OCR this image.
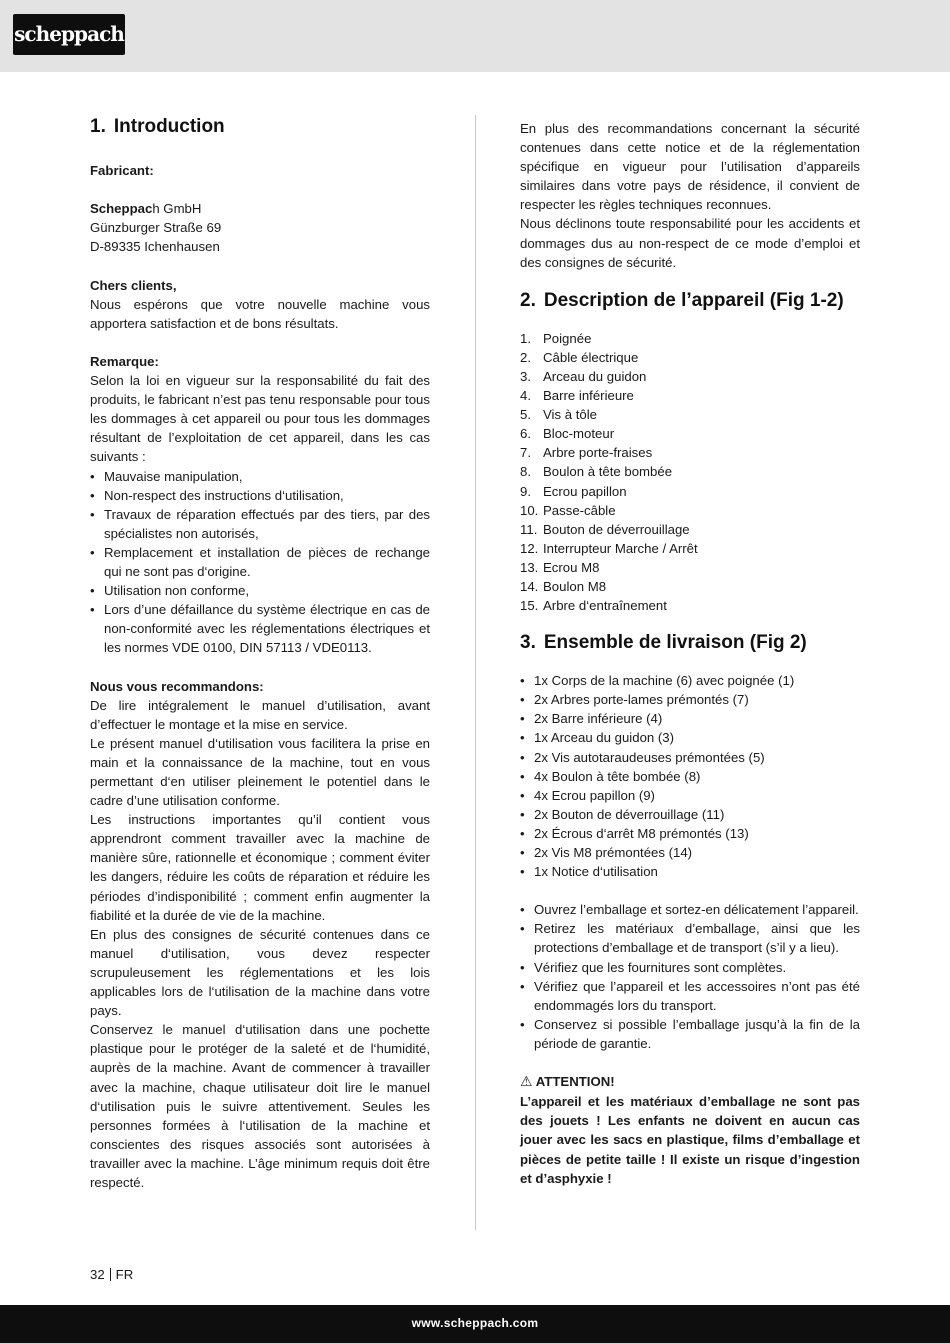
scheppach
1. Introduction
Fabricant:
Scheppach GmbH
Günzburger Straße 69
D-89335 Ichenhausen
Chers clients,
Nous espérons que votre nouvelle machine vous apportera satisfaction et de bons résultats.
Remarque:
Selon la loi en vigueur sur la responsabilité du fait des produits, le fabricant n’est pas tenu responsable pour tous les dommages à cet appareil ou pour tous les dommages résultant de l’exploitation de cet appareil, dans les cas suivants :
• Mauvaise manipulation,
• Non-respect des instructions d‘utilisation,
• Travaux de réparation effectués par des tiers, par des spécialistes non autorisés,
• Remplacement et installation de pièces de rechange qui ne sont pas d‘origine.
• Utilisation non conforme,
• Lors d’une défaillance du système électrique en cas de non-conformité avec les réglementations électriques et les normes VDE 0100, DIN 57113 / VDE0113.
Nous vous recommandons:
De lire intégralement le manuel d’utilisation, avant d’effectuer le montage et la mise en service.
Le présent manuel d‘utilisation vous facilitera la prise en main et la connaissance de la machine, tout en vous permettant d‘en utiliser pleinement le potentiel dans le cadre d’une utilisation conforme.
Les instructions importantes qu’il contient vous apprendront comment travailler avec la machine de manière sûre, rationnelle et économique ; comment éviter les dangers, réduire les coûts de réparation et réduire les périodes d’indisponibilité ; comment enfin augmenter la fiabilité et la durée de vie de la machine.
En plus des consignes de sécurité contenues dans ce manuel d‘utilisation, vous devez respecter scrupuleusement les réglementations et les lois applicables lors de l‘utilisation de la machine dans votre pays.
Conservez le manuel d‘utilisation dans une pochette plastique pour le protéger de la saleté et de l‘humidité, auprès de la machine. Avant de commencer à travailler avec la machine, chaque utilisateur doit lire le manuel d‘utilisation puis le suivre attentivement. Seules les personnes formées à l‘utilisation de la machine et conscientes des risques associés sont autorisées à travailler avec la machine. L’âge minimum requis doit être respecté.
En plus des recommandations concernant la sécurité contenues dans cette notice et de la réglementation spécifique en vigueur pour l’utilisation d’appareils similaires dans votre pays de résidence, il convient de respecter les règles techniques reconnues.
Nous déclinons toute responsabilité pour les accidents et dommages dus au non-respect de ce mode d’emploi et des consignes de sécurité.
2. Description de l’appareil (Fig 1-2)
1. Poignée
2. Câble électrique
3. Arceau du guidon
4. Barre inférieure
5. Vis à tôle
6. Bloc-moteur
7. Arbre porte-fraises
8. Boulon à tête bombée
9. Ecrou papillon
10. Passe-câble
11. Bouton de déverrouillage
12. Interrupteur Marche / Arrêt
13. Ecrou M8
14. Boulon M8
15. Arbre d‘entraînement
3. Ensemble de livraison (Fig 2)
• 1x Corps de la machine (6) avec poignée (1)
• 2x Arbres porte-lames prémontés (7)
• 2x Barre inférieure (4)
• 1x Arceau du guidon (3)
• 2x Vis autotaraudeuses prémontées (5)
• 4x Boulon à tête bombée (8)
• 4x Ecrou papillon (9)
• 2x Bouton de déverrouillage (11)
• 2x Écrous d‘arrêt M8 prémontés (13)
• 2x Vis M8 prémontées (14)
• 1x Notice d‘utilisation
• Ouvrez l’emballage et sortez-en délicatement l’appareil.
• Retirez les matériaux d’emballage, ainsi que les protections d’emballage et de transport (s’il y a lieu).
• Vérifiez que les fournitures sont complètes.
• Vérifiez que l’appareil et les accessoires n’ont pas été endommagés lors du transport.
• Conservez si possible l’emballage jusqu’à la fin de la période de garantie.
⚠ ATTENTION!
L’appareil et les matériaux d’emballage ne sont pas des jouets ! Les enfants ne doivent en aucun cas jouer avec les sacs en plastique, films d’emballage et pièces de petite taille ! Il existe un risque d’ingestion et d’asphyxie !
32 FR
www.scheppach.com
